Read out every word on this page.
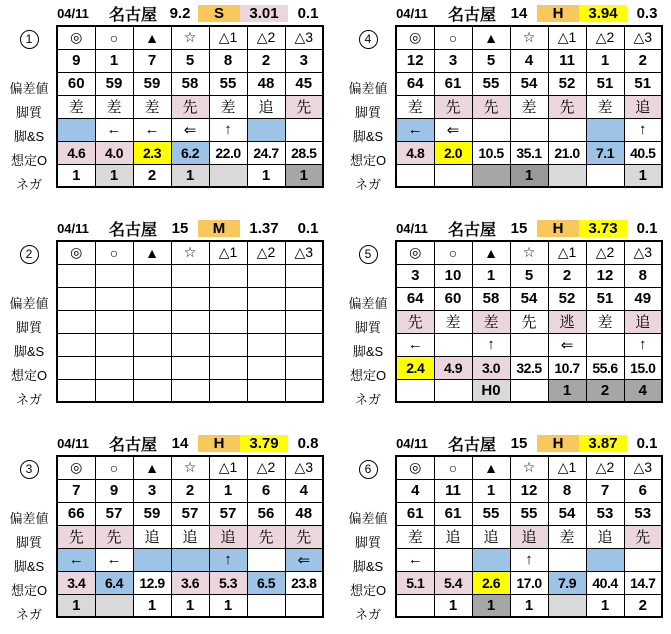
04/11	名古屋 9.2	S	3.01	0.1
1
偏差値
脚質
脚&S
想定O
ネガ
◎	○	▲	☆	△1	△2	△3
9	1	7	5	8	2	3
60	59	59	58	55	48	45
差	差	差	先	差	追	先
	←	←	⇐	↑		
4.6	4.0	2.3	6.2	22.0	24.7	28.5
1	1	2	1		1	1
04/11	名古屋 15	M	1.37	0.1
2
偏差値
脚質
脚&S
想定O
ネガ
◎	○	▲	☆	△1	△2	△3

04/11	名古屋 14	H	3.79	0.8
3
偏差値
脚質
脚&S
想定O
ネガ
◎	○	▲	☆	△1	△2	△3
7	9	3	2	1	6	4
66	57	59	57	57	56	48
先	先	追	追	追	先	先
←	←			↑		⇐
3.4	6.4	12.9	3.6	5.3	6.5	23.8
1		1	1	1		
04/11	名古屋 14	H	3.94	0.3
4
偏差値
脚質
脚&S
想定O
ネガ
◎	○	▲	☆	△1	△2	△3
12	3	5	4	11	1	2
64	61	55	54	52	51	51
差	先	先	差	先	差	追
←	⇐					↑
4.8	2.0	10.5	35.1	21.0	7.1	40.5
			1			1
04/11	名古屋 15	H	3.73	0.1
5
偏差値
脚質
脚&S
想定O
ネガ
◎	○	▲	☆	△1	△2	△3
3	10	1	5	2	12	8
64	60	58	54	52	51	49
先	差	差	先	逃	差	追
←		↑		⇐		↑
2.4	4.9	3.0	32.5	10.7	55.6	15.0
		H0		1	2	4
04/11	名古屋 15	H	3.87	0.1
6
偏差値
脚質
脚&S
想定O
ネガ
◎	○	▲	☆	△1	△2	△3
4	11	1	12	8	7	6
61	61	55	55	54	53	53
差	追	追	追	差	追	先
←			↑			
5.1	5.4	2.6	17.0	7.9	40.4	14.7
	1	1	1		1	2
